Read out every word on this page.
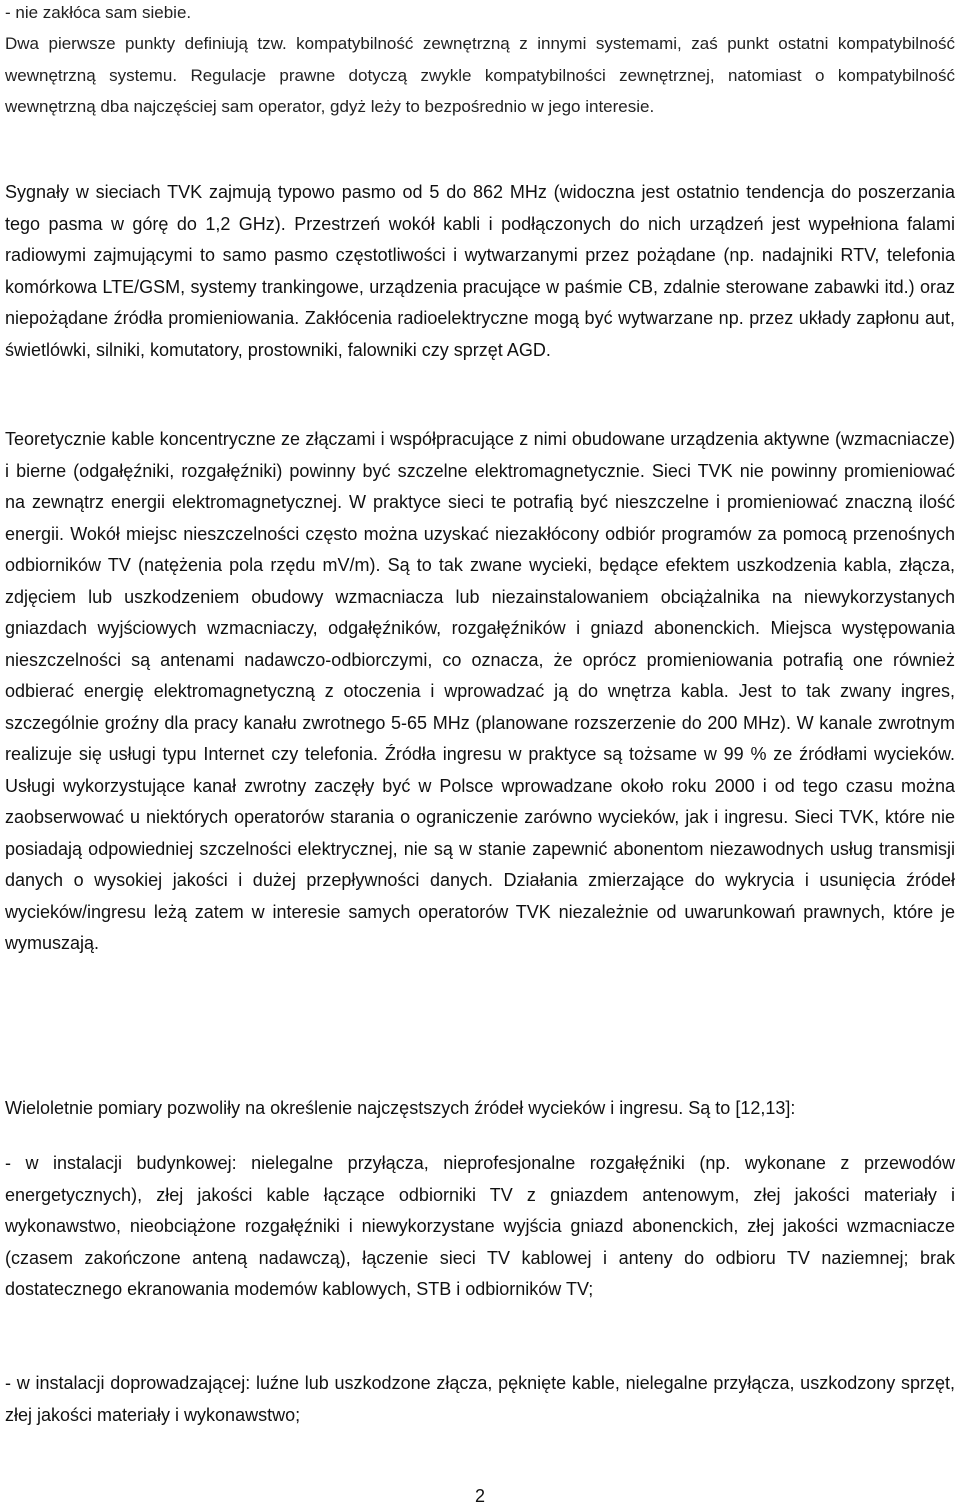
- nie zakłóca sam siebie.

Dwa pierwsze punkty definiują tzw. kompatybilność zewnętrzną z innymi systemami, zaś punkt ostatni kompatybilność wewnętrzną systemu. Regulacje prawne dotyczą zwykle kompatybilności zewnętrznej, natomiast o kompatybilność wewnętrzną dba najczęściej sam operator, gdyż leży to bezpośrednio w jego interesie.

Sygnały w sieciach TVK zajmują typowo pasmo od 5 do 862 MHz (widoczna jest ostatnio tendencja do poszerzania tego pasma w górę do 1,2 GHz). Przestrzeń wokół kabli i podłączonych do nich urządzeń jest wypełniona falami radiowymi zajmującymi to samo pasmo częstotliwości i wytwarzanymi przez pożądane (np. nadajniki RTV, telefonia komórkowa LTE/GSM, systemy trankingowe, urządzenia pracujące w paśmie CB, zdalnie sterowane zabawki itd.) oraz niepożądane źródła promieniowania. Zakłócenia radioelektryczne mogą być wytwarzane np. przez układy zapłonu aut, świetlówki, silniki, komutatory, prostowniki, falowniki czy sprzęt AGD.

Teoretycznie kable koncentryczne ze złączami i współpracujące z nimi obudowane urządzenia aktywne (wzmacniacze) i bierne (odgałęźniki, rozgałęźniki) powinny być szczelne elektromagnetycznie. Sieci TVK nie powinny promieniować na zewnątrz energii elektromagnetycznej. W praktyce sieci te potrafią być nieszczelne i promieniować znaczną ilość energii. Wokół miejsc nieszczelności często można uzyskać niezakłócony odbiór programów za pomocą przenośnych odbiorników TV (natężenia pola rzędu mV/m). Są to tak zwane wycieki, będące efektem uszkodzenia kabla, złącza, zdjęciem lub uszkodzeniem obudowy wzmacniacza lub niezainstalowaniem obciążalnika na niewykorzystanych gniazdach wyjściowych wzmacniaczy, odgałęźników, rozgałęźników i gniazd abonenckich. Miejsca występowania nieszczelności są antenami nadawczo-odbiorczymi, co oznacza, że oprócz promieniowania potrafią one również odbierać energię elektromagnetyczną z otoczenia i wprowadzać ją do wnętrza kabla. Jest to tak zwany ingres, szczególnie groźny dla pracy kanału zwrotnego 5-65 MHz (planowane rozszerzenie do 200 MHz). W kanale zwrotnym realizuje się usługi typu Internet czy telefonia. Źródła ingresu w praktyce są tożsame w 99 % ze źródłami wycieków. Usługi wykorzystujące kanał zwrotny zaczęły być w Polsce wprowadzane około roku 2000 i od tego czasu można zaobserwować u niektórych operatorów starania o ograniczenie zarówno wycieków, jak i ingresu. Sieci TVK, które nie posiadają odpowiedniej szczelności elektrycznej, nie są w stanie zapewnić abonentom niezawodnych usług transmisji danych o wysokiej jakości i dużej przepływności danych. Działania zmierzające do wykrycia i usunięcia źródeł wycieków/ingresu leżą zatem w interesie samych operatorów TVK niezależnie od uwarunkowań prawnych, które je wymuszają.

Wieloletnie pomiary pozwoliły na określenie najczęstszych źródeł wycieków i ingresu. Są to [12,13]:

- w instalacji budynkowej: nielegalne przyłącza, nieprofesjonalne rozgałęźniki (np. wykonane z przewodów energetycznych), złej jakości kable łączące odbiorniki TV z gniazdem antenowym, złej jakości materiały i wykonawstwo, nieobciążone rozgałęźniki i niewykorzystane wyjścia gniazd abonenckich, złej jakości wzmacniacze (czasem zakończone anteną nadawczą), łączenie sieci TV kablowej i anteny do odbioru TV naziemnej; brak dostatecznego ekranowania modemów kablowych, STB i odbiorników TV;

- w instalacji doprowadzającej: luźne lub uszkodzone złącza, pęknięte kable, nielegalne przyłącza, uszkodzony sprzęt, złej jakości materiały i wykonawstwo;

2
